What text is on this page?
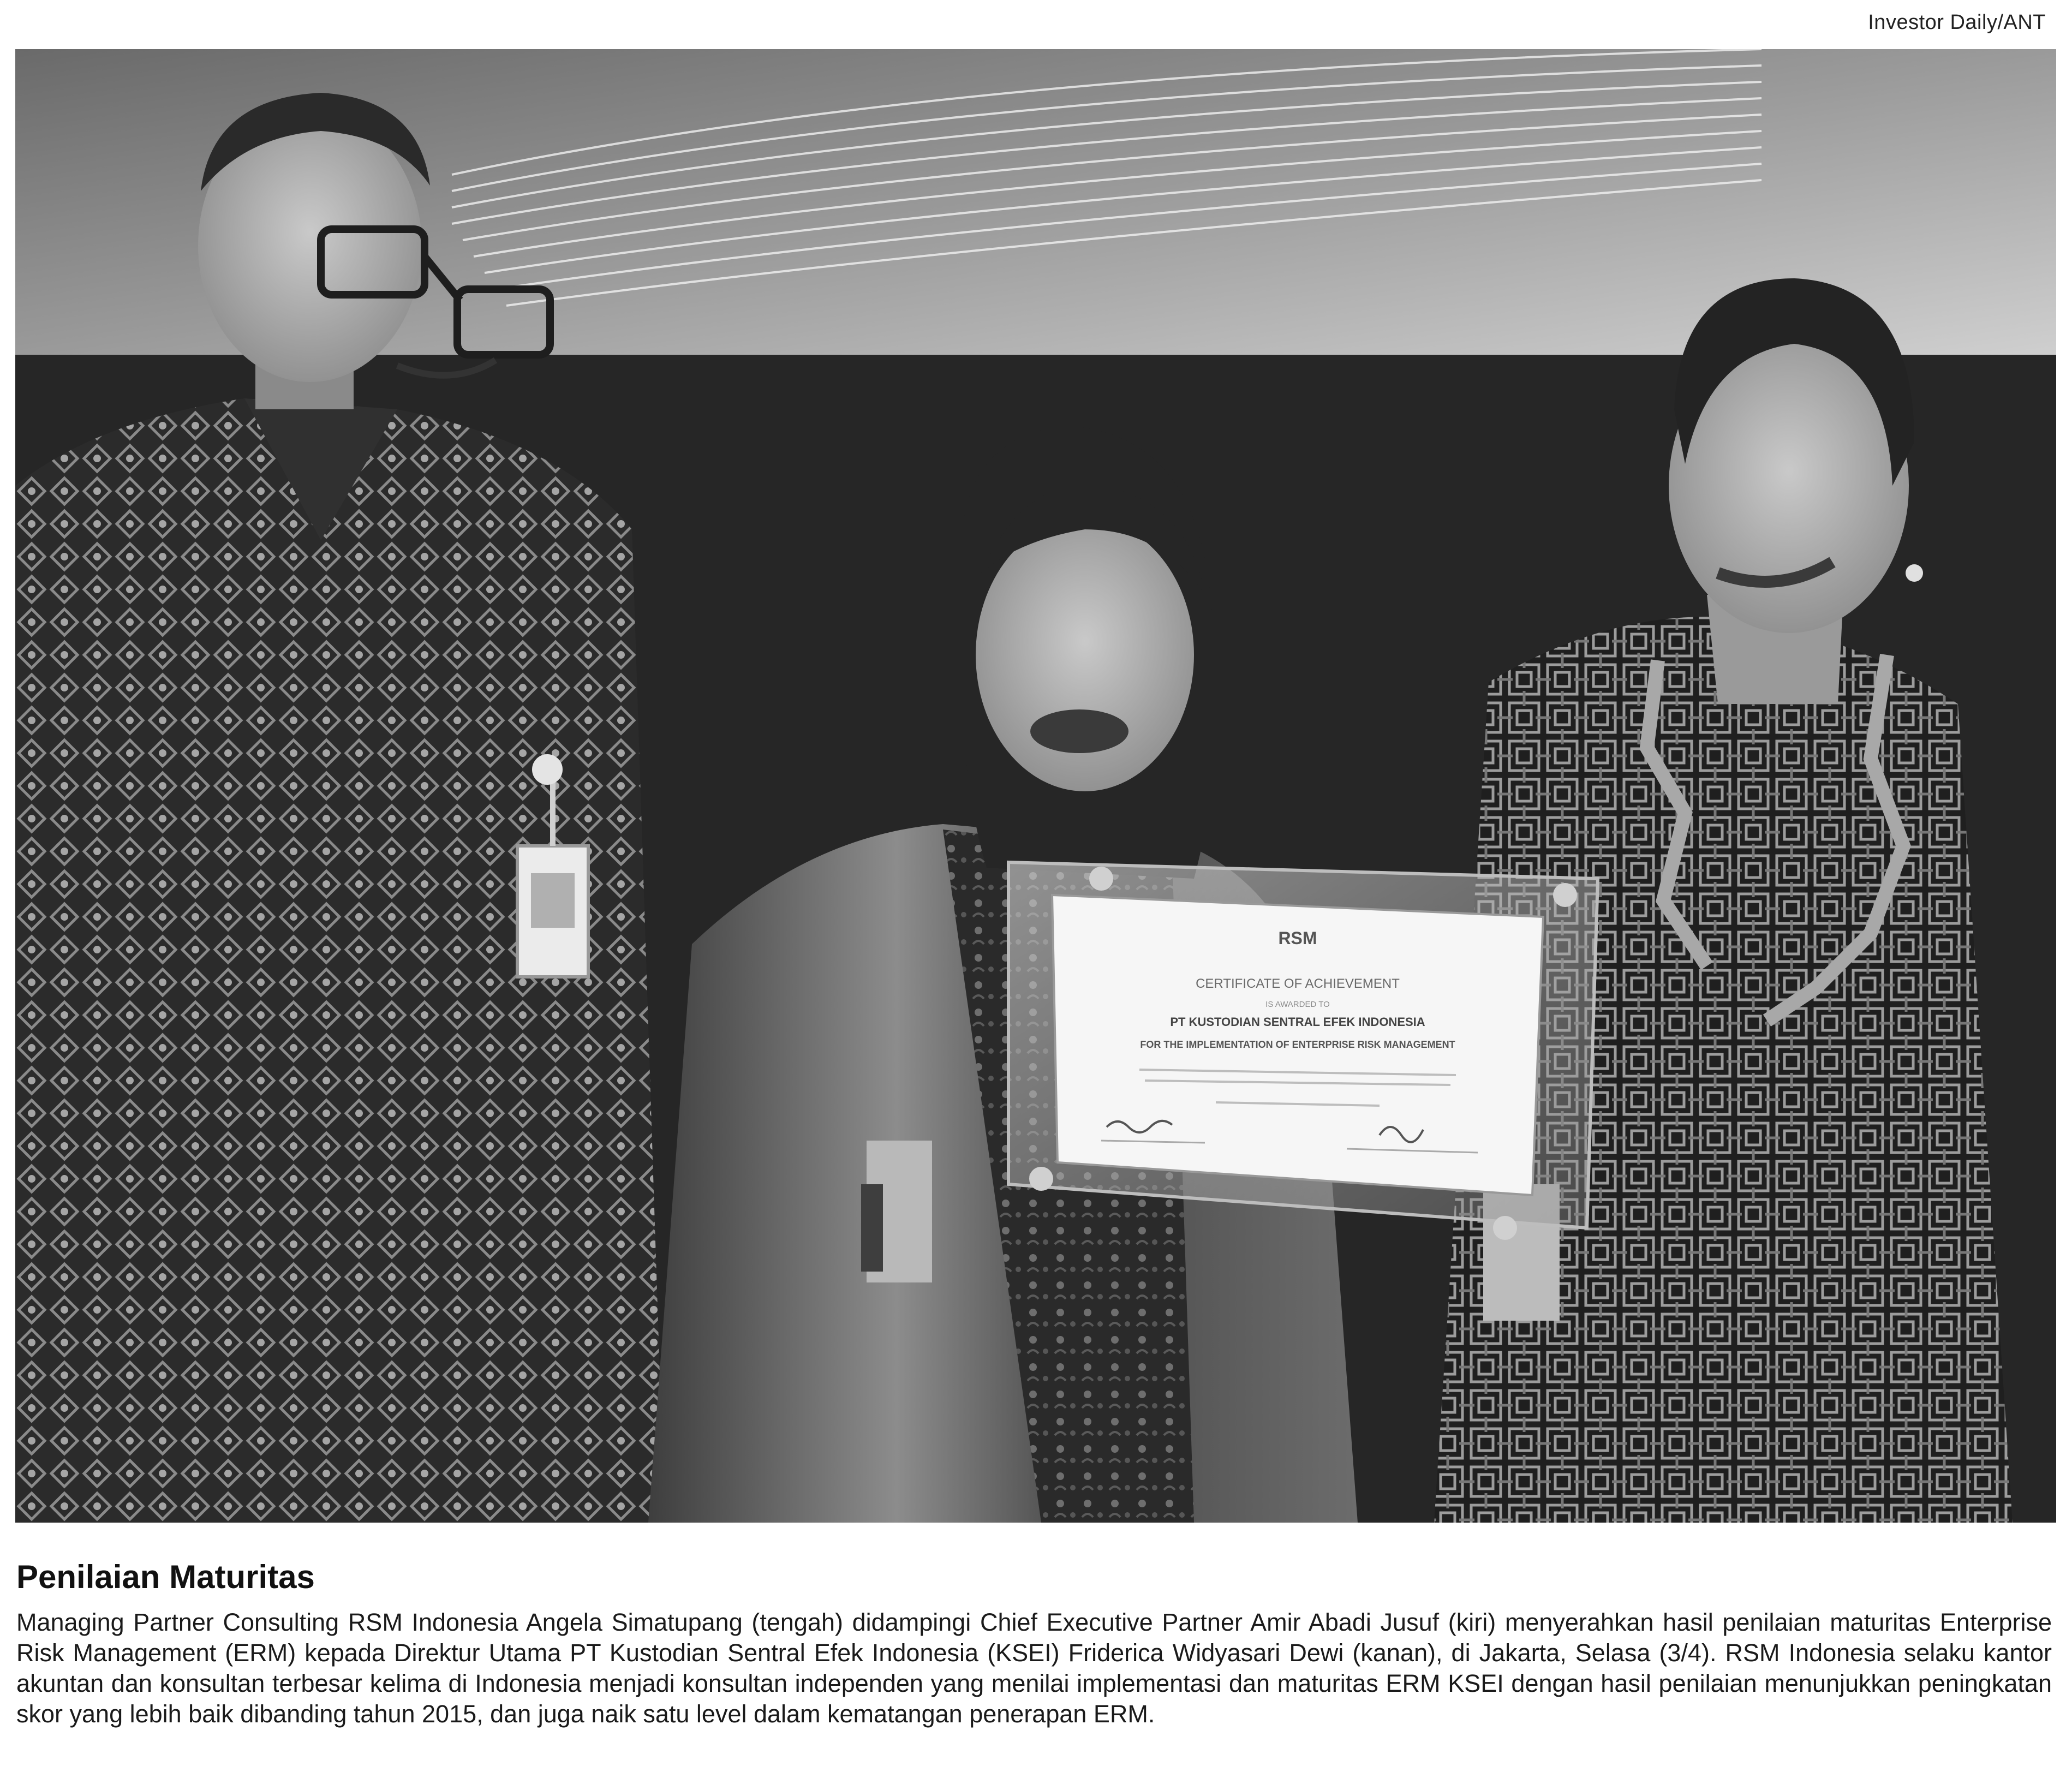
Investor Daily/ANT
RSM
CERTIFICATE OF ACHIEVEMENT
IS AWARDED TO
PT KUSTODIAN SENTRAL EFEK INDONESIA
FOR THE IMPLEMENTATION OF ENTERPRISE RISK MANAGEMENT
Penilaian Maturitas
Managing Partner Consulting RSM Indonesia Angela Simatupang (tengah) didampingi Chief Executive Partner Amir Abadi Jusuf (kiri) menyerahkan hasil penilaian maturitas Enterprise Risk Management (ERM) kepada Direktur Utama PT Kustodian Sentral Efek Indonesia (KSEI) Friderica Widyasari Dewi (kanan), di Jakarta, Selasa (3/4). RSM Indonesia selaku kantor akuntan dan konsultan terbesar kelima di Indonesia menjadi konsultan independen yang menilai implementasi dan maturitas ERM KSEI dengan hasil penilaian menunjukkan peningkatan skor yang lebih baik dibanding tahun 2015, dan juga naik satu level dalam kematangan penerapan ERM.
